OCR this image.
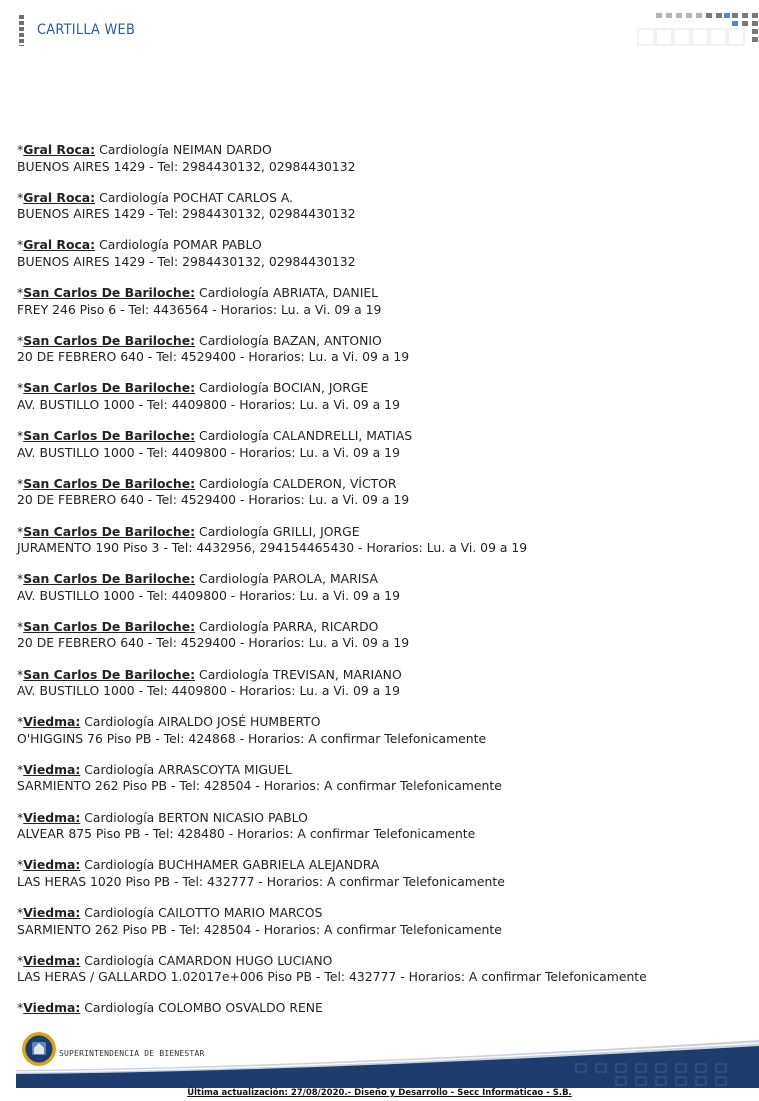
CARTILLA WEB
*Gral Roca: Cardiología NEIMAN DARDO
BUENOS AIRES 1429 - Tel: 2984430132, 02984430132
*Gral Roca: Cardiología POCHAT CARLOS A.
BUENOS AIRES 1429 - Tel: 2984430132, 02984430132
*Gral Roca: Cardiología POMAR PABLO
BUENOS AIRES 1429 - Tel: 2984430132, 02984430132
*San Carlos De Bariloche: Cardiología ABRIATA, DANIEL
FREY 246 Piso 6 - Tel: 4436564 - Horarios: Lu. a Vi. 09 a 19
*San Carlos De Bariloche: Cardiología BAZAN, ANTONIO
20 DE FEBRERO 640 - Tel: 4529400 - Horarios: Lu. a Vi. 09 a 19
*San Carlos De Bariloche: Cardiología BOCIAN, JORGE
AV. BUSTILLO 1000 - Tel: 4409800 - Horarios: Lu. a Vi. 09 a 19
*San Carlos De Bariloche: Cardiología CALANDRELLI, MATIAS
AV. BUSTILLO 1000 - Tel: 4409800 - Horarios: Lu. a Vi. 09 a 19
*San Carlos De Bariloche: Cardiología CALDERON, VÍCTOR
20 DE FEBRERO 640 - Tel: 4529400 - Horarios: Lu. a Vi. 09 a 19
*San Carlos De Bariloche: Cardiología GRILLI, JORGE
JURAMENTO 190 Piso 3 - Tel: 4432956, 294154465430 - Horarios: Lu. a Vi. 09 a 19
*San Carlos De Bariloche: Cardiología PAROLA, MARISA
AV. BUSTILLO 1000 - Tel: 4409800 - Horarios: Lu. a Vi. 09 a 19
*San Carlos De Bariloche: Cardiología PARRA, RICARDO
20 DE FEBRERO 640 - Tel: 4529400 - Horarios: Lu. a Vi. 09 a 19
*San Carlos De Bariloche: Cardiología TREVISAN, MARIANO
AV. BUSTILLO 1000 - Tel: 4409800 - Horarios: Lu. a Vi. 09 a 19
*Viedma: Cardiología AIRALDO JOSÉ HUMBERTO
O'HIGGINS 76 Piso PB - Tel: 424868 - Horarios: A confirmar Telefonicamente
*Viedma: Cardiología ARRASCOYTA MIGUEL
SARMIENTO 262 Piso PB - Tel: 428504 - Horarios: A confirmar Telefonicamente
*Viedma: Cardiología BERTON NICASIO PABLO
ALVEAR 875 Piso PB - Tel: 428480 - Horarios: A confirmar Telefonicamente
*Viedma: Cardiología BUCHHAMER GABRIELA ALEJANDRA
LAS HERAS 1020 Piso PB - Tel: 432777 - Horarios: A confirmar Telefonicamente
*Viedma: Cardiología CAILOTTO MARIO MARCOS
SARMIENTO 262 Piso PB - Tel: 428504 - Horarios: A confirmar Telefonicamente
*Viedma: Cardiología CAMARDON HUGO LUCIANO
LAS HERAS / GALLARDO 1.02017e+006 Piso PB - Tel: 432777 - Horarios: A confirmar Telefonicamente
*Viedma: Cardiología COLOMBO OSVALDO RENE
SUPERINTENDENCIA DE BIENESTAR
Última actualización: 27/08/2020.- Diseño y Desarrollo - Secc Informáticao - S.B.
